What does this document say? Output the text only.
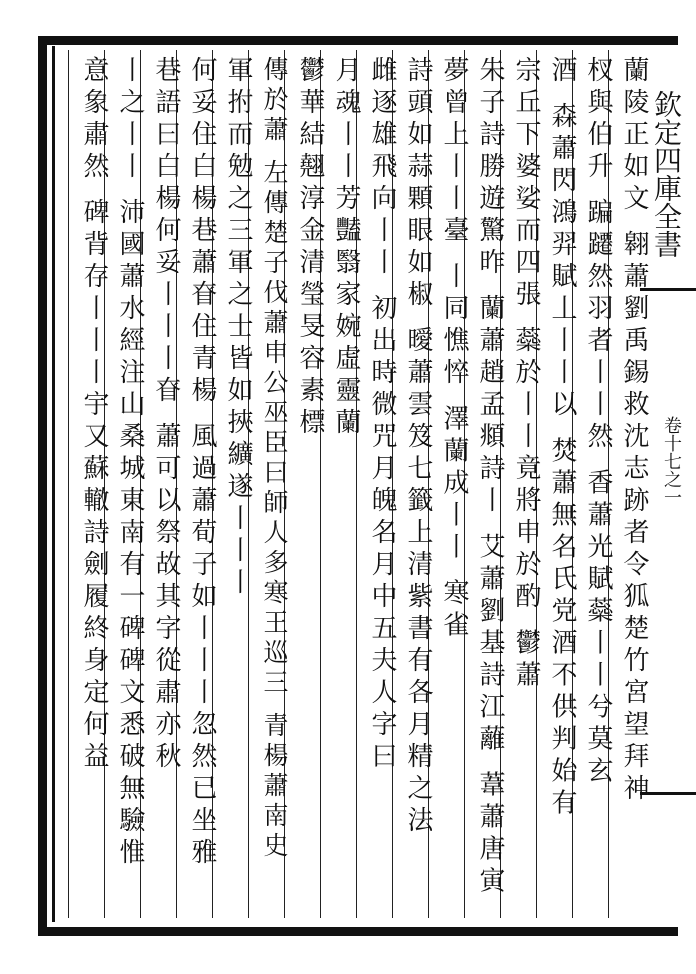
欽定四庫全書
卷十七之一
蘭陵正如文 翱蕭劉禹錫救沈志跡者令狐楚竹宮望拜神
杈與伯升 蹁躚然羽者丨丨然 香蕭光賦蘂丨丨兮莫玄
酒 森蕭閃鴻羿賦丄丨丨以 焚蕭無名氏党酒不供判始有
宗丘下婆娑而四張 蘂於丨丨竟將申於酌 鬱蕭
朱子詩勝遊驚昨 蘭蕭趙孟頫詩丨 艾蕭劉基詩江蘺 葦蕭唐寅
夢曾上丨丨臺 丨同憔悴 澤蘭成丨丨 寒雀
詩頭如蒜顆眼如椒 曖蕭雲笈七籤上清紫書有各月精之法
雌逐雄飛向丨丨 初出時微咒月魄名月中五夫人字曰
月魂丨丨芳豔翳家婉虛靈蘭
鬱華結翹淳金清瑩旻容素標
傳於蕭 左傳楚子伐蕭申公巫臣曰師人多寒王巡三 青楊蕭南史
軍拊而勉之三軍之士皆如挾纊遂丨丨丨
何妥住白楊巷蕭眘住青楊 風過蕭荀子如丨丨丨忽然已坐雅
巷語曰白楊何妥丨丨丨眘 蕭可以祭故其字從肅亦秋
丨之丨丨 沛國蕭水經注山桑城東南有一碑碑文悉破無驗惟
意象肅然 碑背存丨丨丨宇又蘇轍詩劍履終身定何益
